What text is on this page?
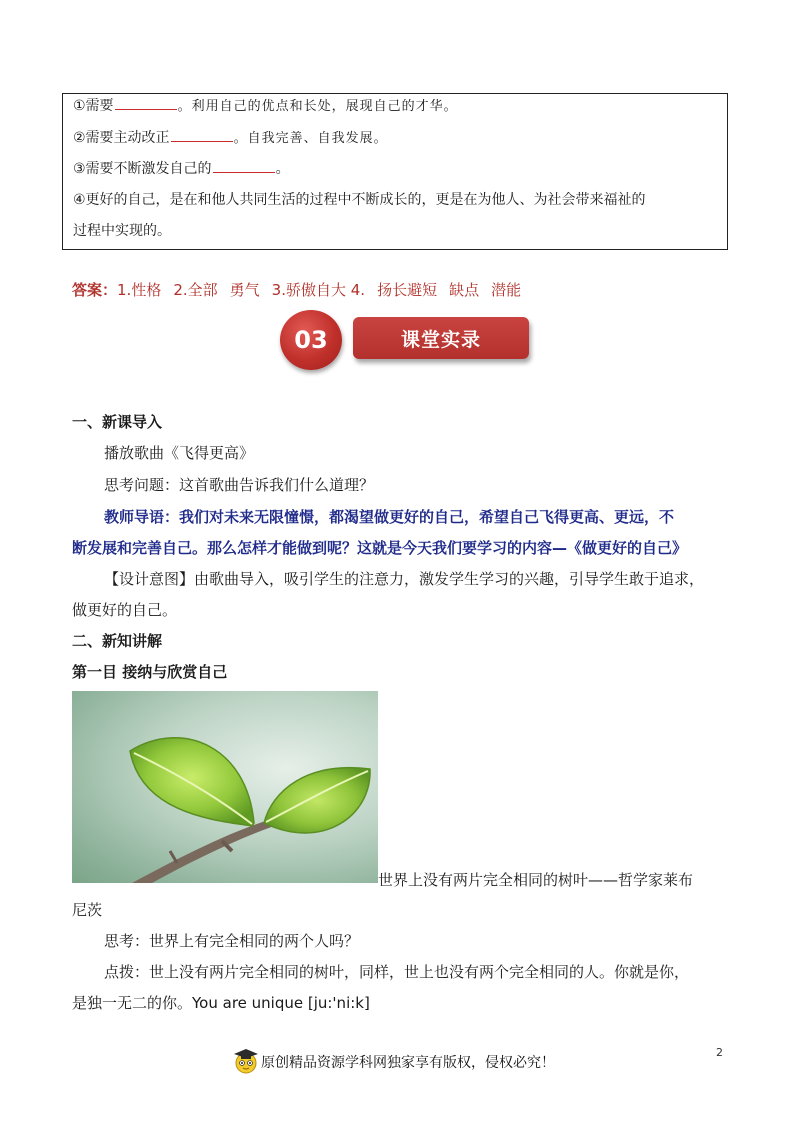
①需要	。利用自己的优点和长处，展现自己的才华。
②需要主动改正	。自我完善、自我发展。
③需要不断激发自己的	。
④更好的自己，是在和他人共同生活的过程中不断成长的，更是在为他人、为社会带来福祉的
过程中实现的。
答案：1.性格 2.全部 勇气 3.骄傲自大 4. 扬长避短 缺点 潜能
03	课堂实录
一、新课导入
播放歌曲《飞得更高》
思考问题：这首歌曲告诉我们什么道理？
教师导语：我们对未来无限憧憬，都渴望做更好的自己，希望自己飞得更高、更远，不
断发展和完善自己。那么怎样才能做到呢？这就是今天我们要学习的内容—《做更好的自己》
【设计意图】由歌曲导入，吸引学生的注意力，激发学生学习的兴趣，引导学生敢于追求，
做更好的自己。
二、新知讲解
第一目 接纳与欣赏自己
世界上没有两片完全相同的树叶——哲学家莱布
尼茨
思考：世界上有完全相同的两个人吗？
点拨：世上没有两片完全相同的树叶，同样，世上也没有两个完全相同的人。你就是你，
是独一无二的你。You are unique [ju:'ni:k]
2
原创精品资源学科网独家享有版权，侵权必究！
